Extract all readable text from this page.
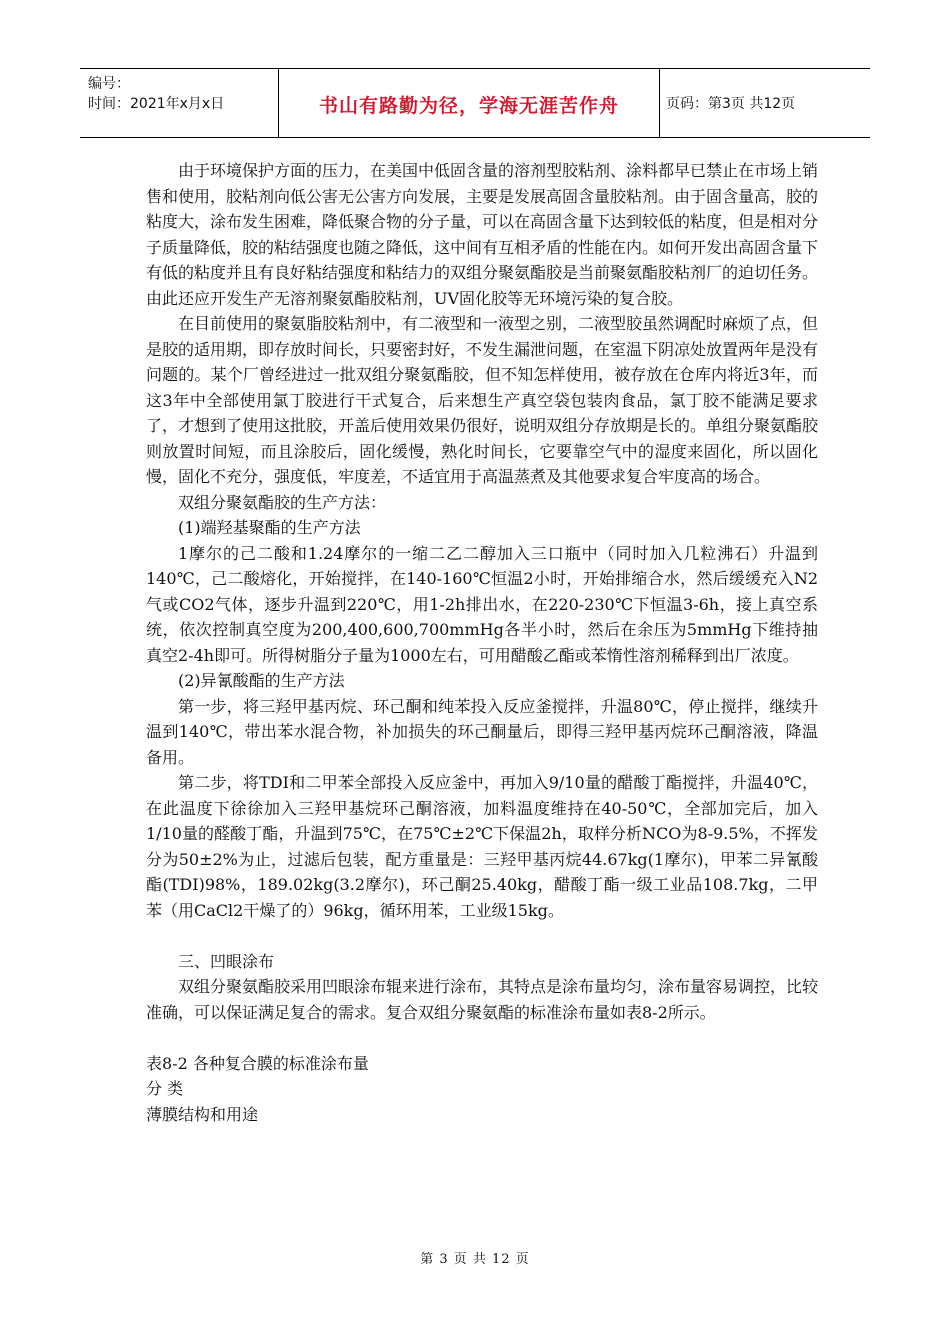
编号：
时间：2021年x月x日	书山有路勤为径，学海无涯苦作舟	页码：第3页 共12页

由于环境保护方面的压力，在美国中低固含量的溶剂型胶粘剂、涂料都早已禁止在市场上销售和使用，胶粘剂向低公害无公害方向发展，主要是发展高固含量胶粘剂。由于固含量高，胶的粘度大，涂布发生困难，降低聚合物的分子量，可以在高固含量下达到较低的粘度，但是相对分子质量降低，胶的粘结强度也随之降低，这中间有互相矛盾的性能在内。如何开发出高固含量下有低的粘度并且有良好粘结强度和粘结力的双组分聚氨酯胶是当前聚氨酯胶粘剂厂的迫切任务。由此还应开发生产无溶剂聚氨酯胶粘剂，UV固化胶等无环境污染的复合胶。

在目前使用的聚氨脂胶粘剂中，有二液型和一液型之别，二液型胶虽然调配时麻烦了点，但是胶的适用期，即存放时间长，只要密封好，不发生漏泄问题，在室温下阴凉处放置两年是没有问题的。某个厂曾经进过一批双组分聚氨酯胶，但不知怎样使用，被存放在仓库内将近3年，而这3年中全部使用氯丁胶进行干式复合，后来想生产真空袋包装肉食品，氯丁胶不能满足要求了，才想到了使用这批胶，开盖后使用效果仍很好，说明双组分存放期是长的。单组分聚氨酯胶则放置时间短，而且涂胶后，固化缓慢，熟化时间长，它要靠空气中的湿度来固化，所以固化慢，固化不充分，强度低，牢度差，不适宜用于高温蒸煮及其他要求复合牢度高的场合。

双组分聚氨酯胶的生产方法：

(1)端羟基聚酯的生产方法

1摩尔的己二酸和1.24摩尔的一缩二乙二醇加入三口瓶中（同时加入几粒沸石）升温到140℃，己二酸熔化，开始搅拌，在140-160℃恒温2小时，开始排缩合水，然后缓缓充入N2气或CO2气体，逐步升温到220℃，用1-2h排出水，在220-230℃下恒温3-6h，接上真空系统，依次控制真空度为200,400,600,700mmHg各半小时，然后在余压为5mmHg下维持抽真空2-4h即可。所得树脂分子量为1000左右，可用醋酸乙酯或苯惰性溶剂稀释到出厂浓度。

(2)异氰酸酯的生产方法

第一步，将三羟甲基丙烷、环己酮和纯苯投入反应釜搅拌，升温80℃，停止搅拌，继续升温到140℃，带出苯水混合物，补加损失的环己酮量后，即得三羟甲基丙烷环己酮溶液，降温备用。

第二步，将TDI和二甲苯全部投入反应釜中，再加入9/10量的醋酸丁酯搅拌，升温40℃，在此温度下徐徐加入三羟甲基烷环己酮溶液，加料温度维持在40-50℃，全部加完后，加入1/10量的醛酸丁酯，升温到75℃，在75℃±2℃下保温2h，取样分析NCO为8-9.5%，不挥发分为50±2%为止，过滤后包装，配方重量是：三羟甲基丙烷44.67kg(1摩尔)，甲苯二异氰酸酯(TDI)98%，189.02kg(3.2摩尔)，环己酮25.40kg，醋酸丁酯一级工业品108.7kg，二甲苯（用CaCl2干燥了的）96kg，循环用苯，工业级15kg。

三、凹眼涂布

双组分聚氨酯胶采用凹眼涂布辊来进行涂布，其特点是涂布量均匀，涂布量容易调控，比较准确，可以保证满足复合的需求。复合双组分聚氨酯的标准涂布量如表8-2所示。

表8-2 各种复合膜的标准涂布量

分 类

薄膜结构和用途

第 3 页 共 12 页
